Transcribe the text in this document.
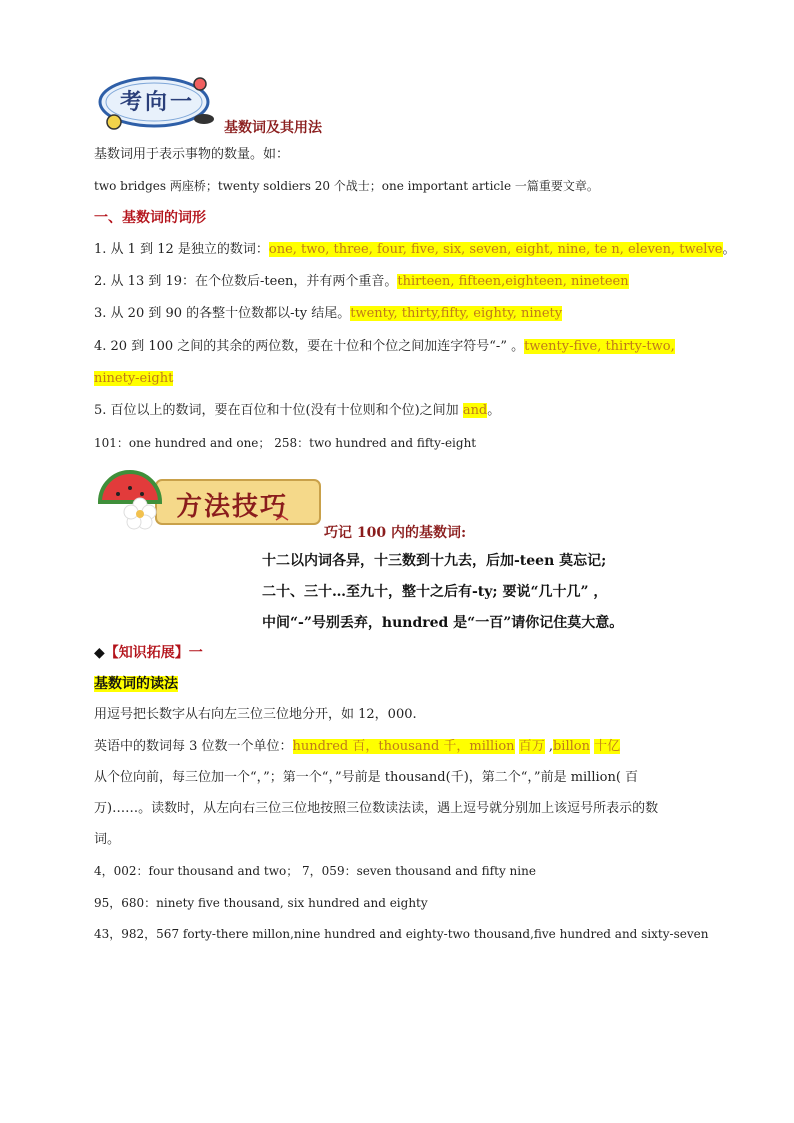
考向一
基数词及其用法
基数词用于表示事物的数量。如：
two bridges 两座桥；twenty soldiers 20 个战士；one important article 一篇重要文章。
一、基数词的词形
1. 从 1 到 12 是独立的数词：one, two, three, four, five, six, seven, eight, nine, te n, eleven, twelve。
2. 从 13 到 19：在个位数后-teen，并有两个重音。thirteen, fifteen,eighteen, nineteen
3. 从 20 到 90 的各整十位数都以-ty 结尾。twenty, thirty,fifty, eighty, ninety
4. 20 到 100 之间的其余的两位数，要在十位和个位之间加连字符号“-” 。twenty-five, thirty-two,
ninety-eight
5. 百位以上的数词，要在百位和十位(没有十位则和个位)之间加 and。
101：one hundred and one； 258：two hundred and fifty-eight
方法技巧
巧记 100 内的基数词:
十二以内词各异，十三数到十九去，后加-teen 莫忘记;
二十、三十…至九十，整十之后有-ty; 要说“几十几” ，
中间“-”号别丢弃，hundred 是“一百”请你记住莫大意。
◆【知识拓展】一
基数词的读法
用逗号把长数字从右向左三位三位地分开，如 12，000.
英语中的数词每 3 位数一个单位：hundred 百，thousand 千，million 百万 ,billon 十亿
从个位向前，每三位加一个“，”；第一个“，”号前是 thousand(千)，第二个“，”前是 million( 百
万)……。读数时，从左向右三位三位地按照三位数读法读，遇上逗号就分别加上该逗号所表示的数
词。
4，002：four thousand and two； 7，059：seven thousand and fifty nine
95，680：ninety five thousand, six hundred and eighty
43，982，567 forty-there millon,nine hundred and eighty-two thousand,five hundred and sixty-seven
